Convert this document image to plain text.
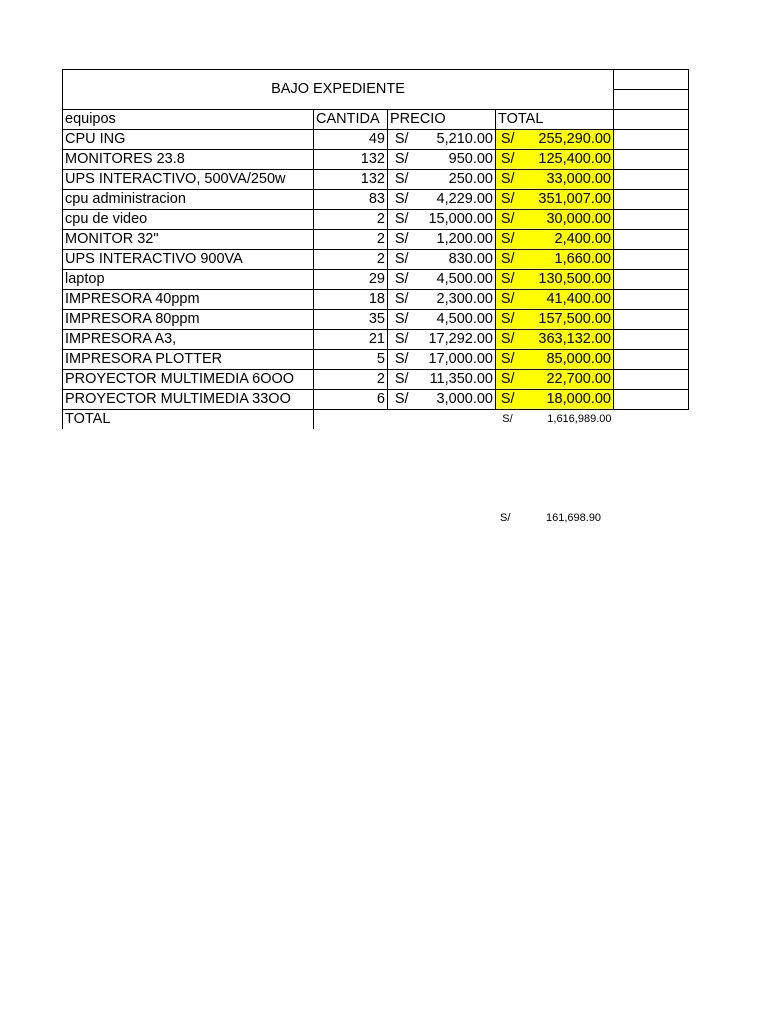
BAJO EXPEDIENTE						

equipos	CANTIDA	PRECIO		TOTAL		
CPU ING	49	S/	5,210.00	S/	255,290.00	
MONITORES 23.8	132	S/	950.00	S/	125,400.00	
UPS INTERACTIVO, 500VA/250w	132	S/	250.00	S/	33,000.00	
cpu administracion	83	S/	4,229.00	S/	351,007.00	
cpu de video	2	S/	15,000.00	S/	30,000.00	
MONITOR 32"	2	S/	1,200.00	S/	2,400.00	
UPS INTERACTIVO 900VA	2	S/	830.00	S/	1,660.00	
laptop	29	S/	4,500.00	S/	130,500.00	
IMPRESORA 40ppm	18	S/	2,300.00	S/	41,400.00	
IMPRESORA 80ppm	35	S/	4,500.00	S/	157,500.00	
IMPRESORA A3,	21	S/	17,292.00	S/	363,132.00	
IMPRESORA PLOTTER	5	S/	17,000.00	S/	85,000.00	
PROYECTOR MULTIMEDIA 6OOO	2	S/	11,350.00	S/	22,700.00	
PROYECTOR MULTIMEDIA 33OO	6	S/	3,000.00	S/	18,000.00	
TOTAL				S/	1,616,989.00	
S/	161,698.90
